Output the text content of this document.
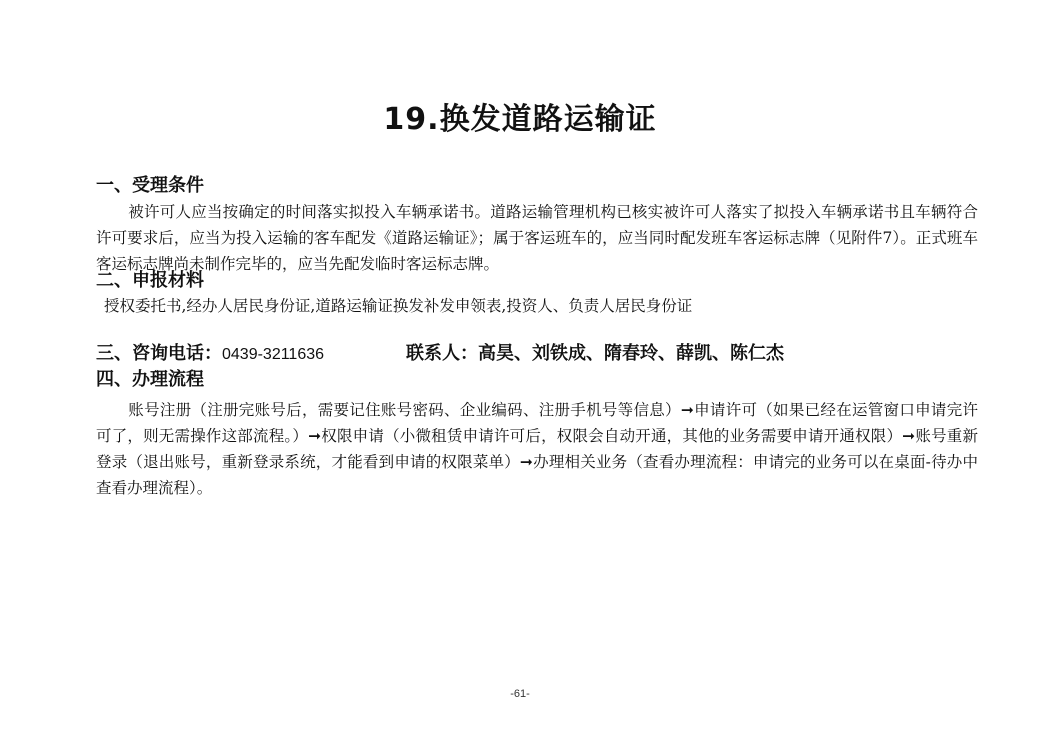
19.换发道路运输证
一、受理条件

被许可人应当按确定的时间落实拟投入车辆承诺书。道路运输管理机构已核实被许可人落实了拟投入车辆承诺书且车辆符合许可要求后，应当为投入运输的客车配发《道路运输证》；属于客运班车的，应当同时配发班车客运标志牌（见附件7）。正式班车客运标志牌尚未制作完毕的，应当先配发临时客运标志牌。

二、申报材料
授权委托书,经办人居民身份证,道路运输证换发补发申领表,投资人、负责人居民身份证
三、咨询电话：0439-3211636	联系人：高昊、刘铁成、隋春玲、薛凯、陈仁杰
四、办理流程

账号注册（注册完账号后，需要记住账号密码、企业编码、注册手机号等信息）➞申请许可（如果已经在运管窗口申请完许可了，则无需操作这部流程。）➞权限申请（小微租赁申请许可后，权限会自动开通，其他的业务需要申请开通权限）➞账号重新登录（退出账号，重新登录系统，才能看到申请的权限菜单）➞办理相关业务（查看办理流程：申请完的业务可以在桌面-待办中查看办理流程）。

-61-
